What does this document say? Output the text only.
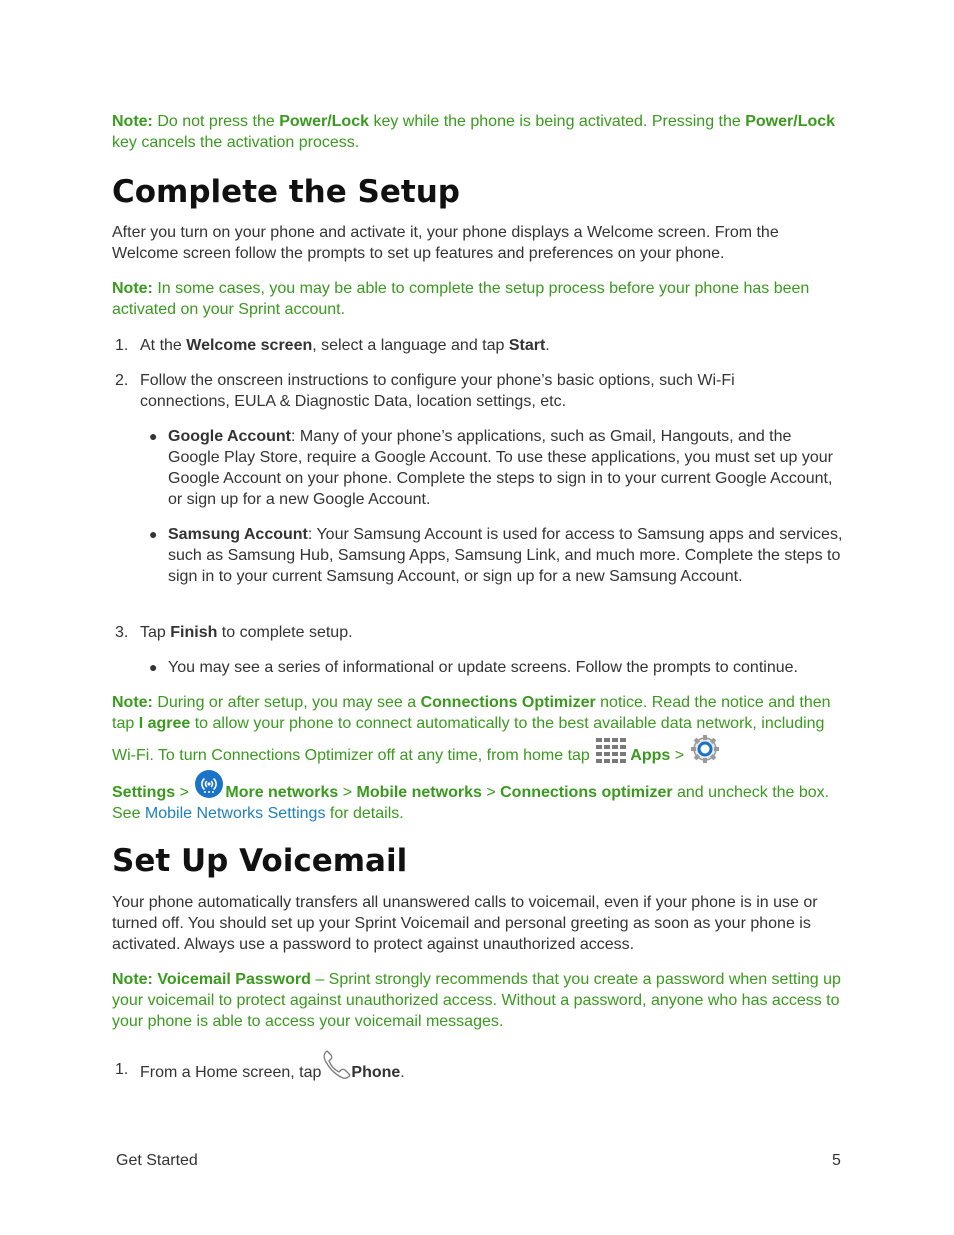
Note: Do not press the Power/Lock key while the phone is being activated. Pressing the Power/Lock key cancels the activation process.

Complete the Setup

After you turn on your phone and activate it, your phone displays a Welcome screen. From the Welcome screen follow the prompts to set up features and preferences on your phone.

Note: In some cases, you may be able to complete the setup process before your phone has been activated on your Sprint account.

1. At the Welcome screen, select a language and tap Start.
2. Follow the onscreen instructions to configure your phone’s basic options, such Wi-Fi connections, EULA & Diagnostic Data, location settings, etc.
● Google Account: Many of your phone’s applications, such as Gmail, Hangouts, and the Google Play Store, require a Google Account. To use these applications, you must set up your Google Account on your phone. Complete the steps to sign in to your current Google Account, or sign up for a new Google Account.
● Samsung Account: Your Samsung Account is used for access to Samsung apps and services, such as Samsung Hub, Samsung Apps, Samsung Link, and much more. Complete the steps to sign in to your current Samsung Account, or sign up for a new Samsung Account.
3. Tap Finish to complete setup.
● You may see a series of informational or update screens. Follow the prompts to continue.
Note: During or after setup, you may see a Connections Optimizer notice. Read the notice and then tap I agree to allow your phone to connect automatically to the best available data network, including Wi-Fi. To turn Connections Optimizer off at any time, from home tap Apps >
Settings > More networks > Mobile networks > Connections optimizer and uncheck the box. See Mobile Networks Settings for details.
Set Up Voicemail

Your phone automatically transfers all unanswered calls to voicemail, even if your phone is in use or turned off. You should set up your Sprint Voicemail and personal greeting as soon as your phone is activated. Always use a password to protect against unauthorized access.

Note: Voicemail Password – Sprint strongly recommends that you create a password when setting up your voicemail to protect against unauthorized access. Without a password, anyone who has access to your phone is able to access your voicemail messages.

1. From a Home screen, tapPhone.
Get Started	5
